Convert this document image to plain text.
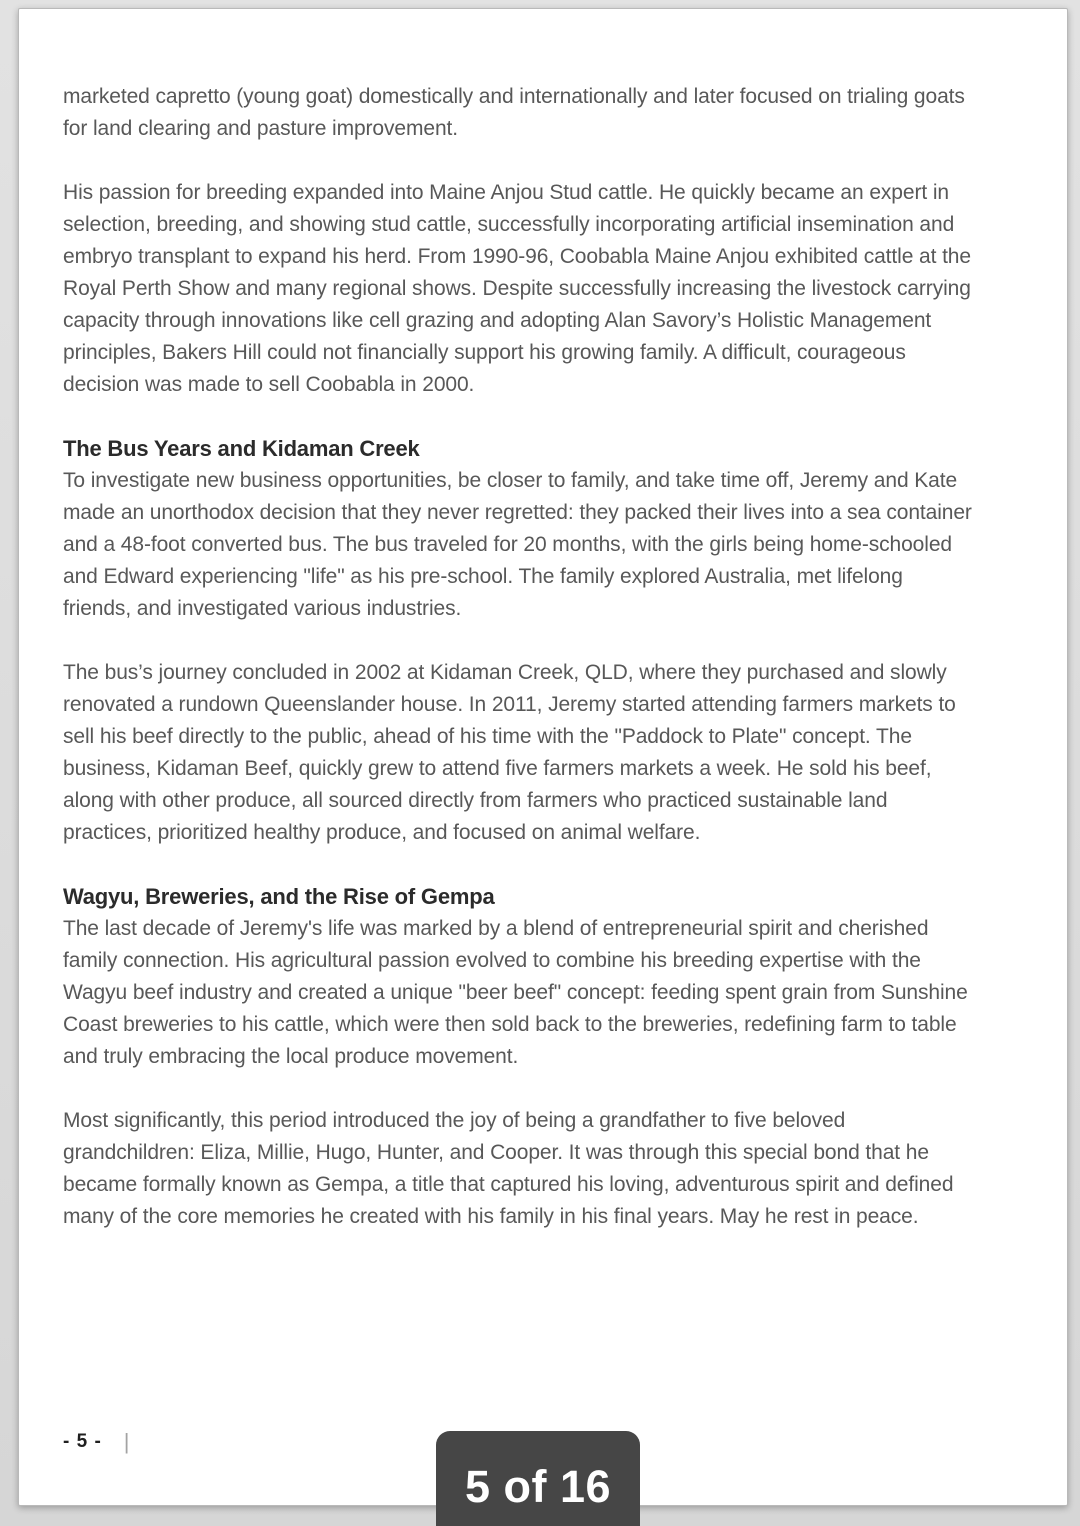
marketed capretto (young goat) domestically and internationally and later focused on trialing goats for land clearing and pasture improvement.

His passion for breeding expanded into Maine Anjou Stud cattle. He quickly became an expert in selection, breeding, and showing stud cattle, successfully incorporating artificial insemination and embryo transplant to expand his herd. From 1990-96, Coobabla Maine Anjou exhibited cattle at the Royal Perth Show and many regional shows. Despite successfully increasing the livestock carrying capacity through innovations like cell grazing and adopting Alan Savory’s Holistic Management principles, Bakers Hill could not financially support his growing family. A difficult, courageous decision was made to sell Coobabla in 2000.

The Bus Years and Kidaman Creek

To investigate new business opportunities, be closer to family, and take time off, Jeremy and Kate made an unorthodox decision that they never regretted: they packed their lives into a sea container and a 48-foot converted bus. The bus traveled for 20 months, with the girls being home-schooled and Edward experiencing "life" as his pre-school. The family explored Australia, met lifelong friends, and investigated various industries.

The bus’s journey concluded in 2002 at Kidaman Creek, QLD, where they purchased and slowly renovated a rundown Queenslander house. In 2011, Jeremy started attending farmers markets to sell his beef directly to the public, ahead of his time with the "Paddock to Plate" concept. The business, Kidaman Beef, quickly grew to attend five farmers markets a week. He sold his beef, along with other produce, all sourced directly from farmers who practiced sustainable land practices, prioritized healthy produce, and focused on animal welfare.

Wagyu, Breweries, and the Rise of Gempa

The last decade of Jeremy's life was marked by a blend of entrepreneurial spirit and cherished family connection. His agricultural passion evolved to combine his breeding expertise with the Wagyu beef industry and created a unique "beer beef" concept: feeding spent grain from Sunshine Coast breweries to his cattle, which were then sold back to the breweries, redefining farm to table and truly embracing the local produce movement.

Most significantly, this period introduced the joy of being a grandfather to five beloved grandchildren: Eliza, Millie, Hugo, Hunter, and Cooper. It was through this special bond that he became formally known as Gempa, a title that captured his loving, adventurous spirit and defined many of the core memories he created with his family in his final years. May he rest in peace.

- 5 - |
5 of 16
